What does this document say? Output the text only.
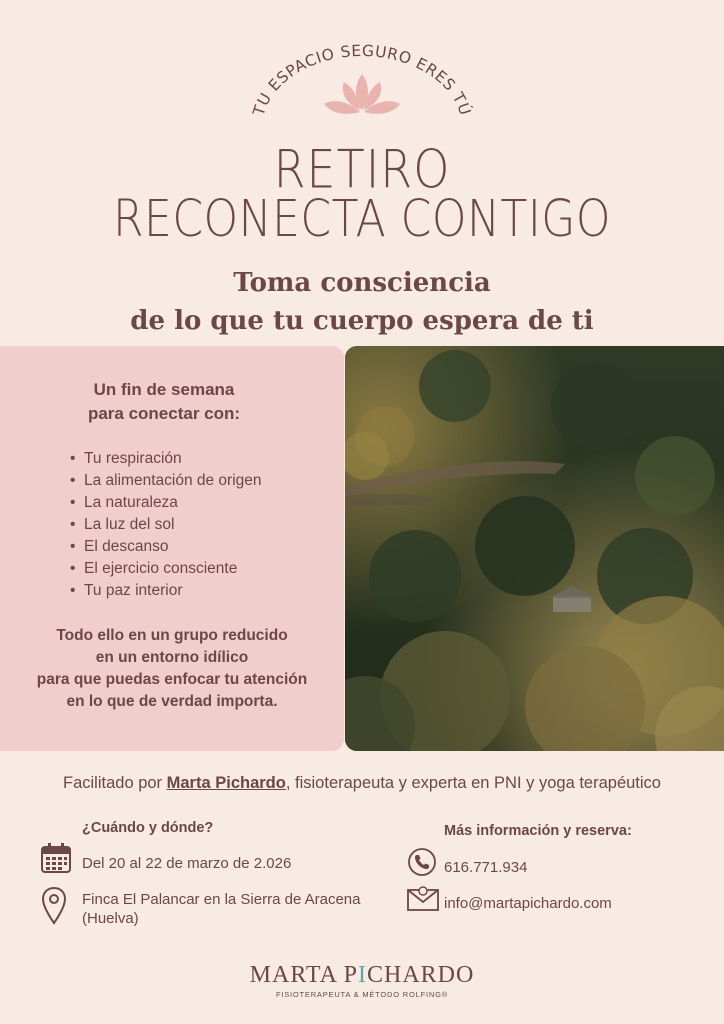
TU ESPACIO SEGURO ERES TÚ
RETIRO
RECONECTA CONTIGO
Toma consciencia
de lo que tu cuerpo espera de ti
Un fin de semana
para conectar con:
• Tu respiración
• La alimentación de origen
• La naturaleza
• La luz del sol
• El descanso
• El ejercicio consciente
• Tu paz interior
Todo ello en un grupo reducido
en un entorno idílico
para que puedas enfocar tu atención
en lo que de verdad importa.
Facilitado por Marta Pichardo, fisioterapeuta y experta en PNI y yoga terapéutico
¿Cuándo y dónde?
Del 20 al 22 de marzo de 2.026
Finca El Palancar en la Sierra de Aracena
(Huelva)
Más información y reserva:
616.771.934
info@martapichardo.com
MARTA PICHARDO
FISIOTERAPEUTA & MÉTODO ROLFING®
